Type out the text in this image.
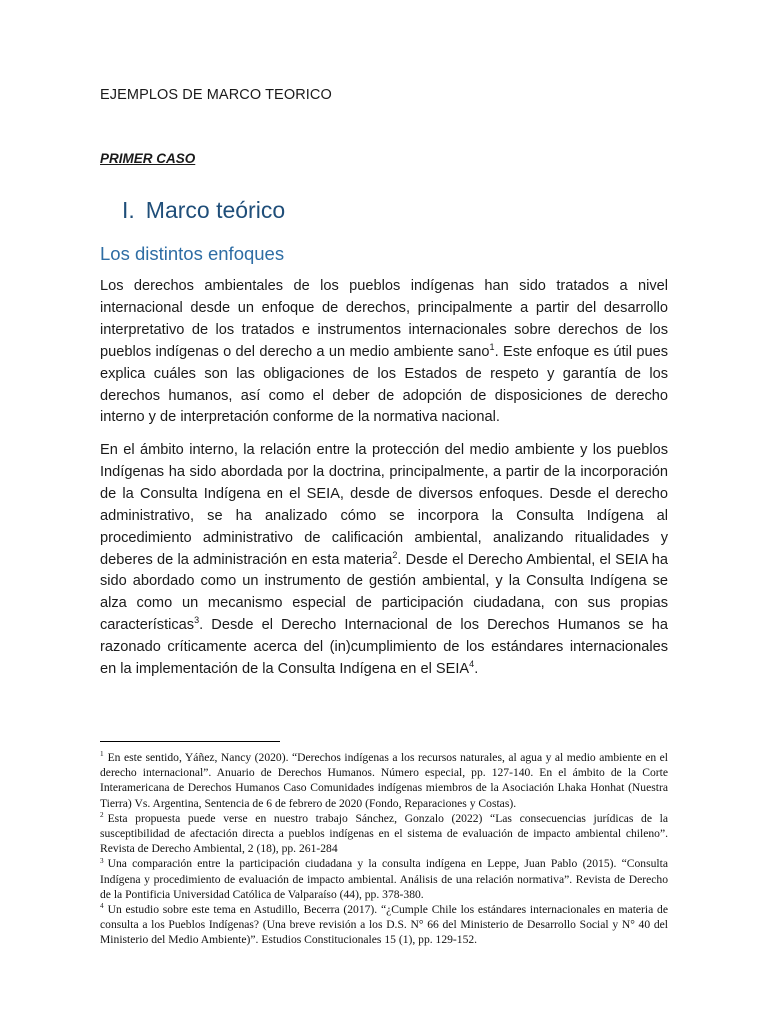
EJEMPLOS DE MARCO TEORICO
PRIMER CASO
I. Marco teórico
Los distintos enfoques
Los derechos ambientales de los pueblos indígenas han sido tratados a nivel internacional desde un enfoque de derechos, principalmente a partir del desarrollo interpretativo de los tratados e instrumentos internacionales sobre derechos de los pueblos indígenas o del derecho a un medio ambiente sano$^1$. Este enfoque es útil pues explica cuáles son las obligaciones de los Estados de respeto y garantía de los derechos humanos, así como el deber de adopción de disposiciones de derecho interno y de interpretación conforme de la normativa nacional.
En el ámbito interno, la relación entre la protección del medio ambiente y los pueblos Indígenas ha sido abordada por la doctrina, principalmente, a partir de la incorporación de la Consulta Indígena en el SEIA, desde de diversos enfoques. Desde el derecho administrativo, se ha analizado cómo se incorpora la Consulta Indígena al procedimiento administrativo de calificación ambiental, analizando ritualidades y deberes de la administración en esta materia$^2$. Desde el Derecho Ambiental, el SEIA ha sido abordado como un instrumento de gestión ambiental, y la Consulta Indígena se alza como un mecanismo especial de participación ciudadana, con sus propias características$^3$. Desde el Derecho Internacional de los Derechos Humanos se ha razonado críticamente acerca del (in)cumplimiento de los estándares internacionales en la implementación de la Consulta Indígena en el SEIA$^4$.

$^1$ En este sentido, Yáñez, Nancy (2020). “Derechos indígenas a los recursos naturales, al agua y al medio ambiente en el derecho internacional”. Anuario de Derechos Humanos. Número especial, pp. 127-140. En el ámbito de la Corte Interamericana de Derechos Humanos Caso Comunidades indígenas miembros de la Asociación Lhaka Honhat (Nuestra Tierra) Vs. Argentina, Sentencia de 6 de febrero de 2020 (Fondo, Reparaciones y Costas).

$^2$ Esta propuesta puede verse en nuestro trabajo Sánchez, Gonzalo (2022) “Las consecuencias jurídicas de la susceptibilidad de afectación directa a pueblos indígenas en el sistema de evaluación de impacto ambiental chileno”. Revista de Derecho Ambiental, 2 (18), pp. 261-284

$^3$ Una comparación entre la participación ciudadana y la consulta indígena en Leppe, Juan Pablo (2015). “Consulta Indígena y procedimiento de evaluación de impacto ambiental. Análisis de una relación normativa”. Revista de Derecho de la Pontificia Universidad Católica de Valparaíso (44), pp. 378-380.

$^4$ Un estudio sobre este tema en Astudillo, Becerra (2017). “¿Cumple Chile los estándares internacionales en materia de consulta a los Pueblos Indígenas? (Una breve revisión a los D.S. N° 66 del Ministerio de Desarrollo Social y N° 40 del Ministerio del Medio Ambiente)”. Estudios Constitucionales 15 (1), pp. 129-152.
